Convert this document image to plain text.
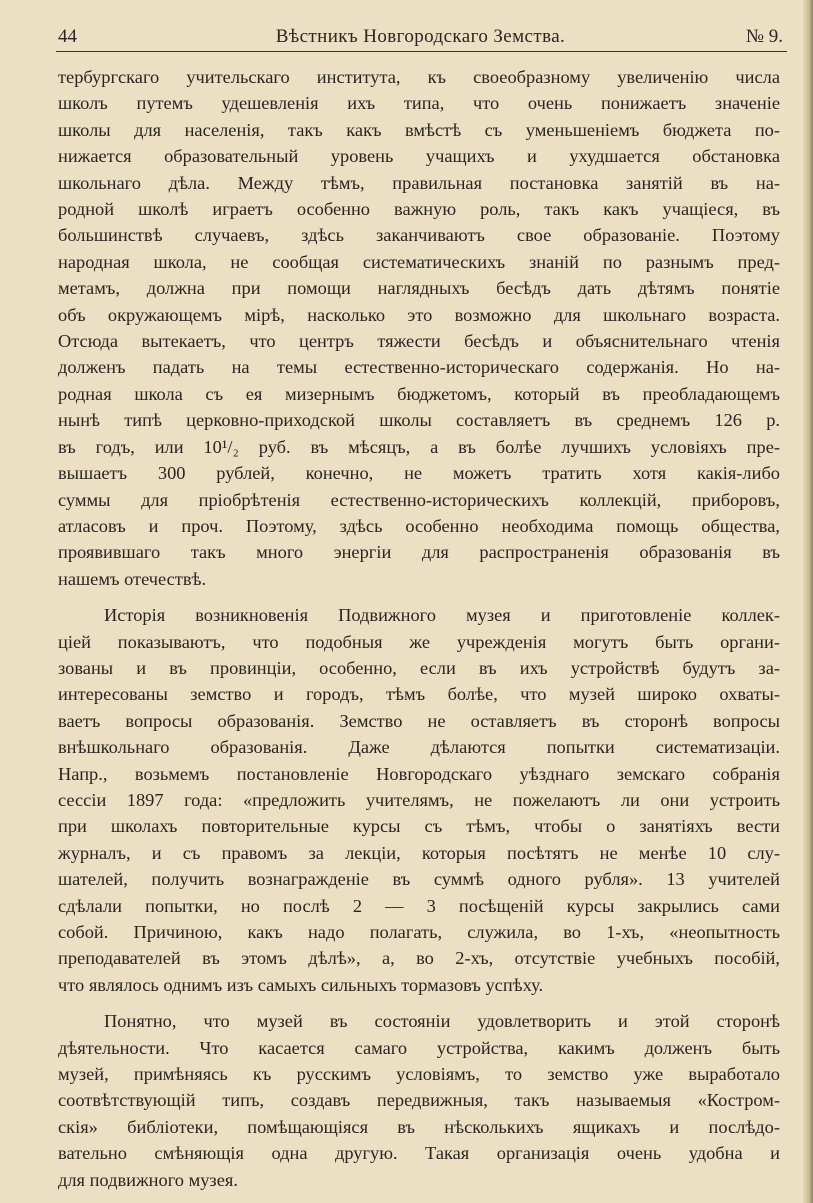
44	Вѣстникъ Новгородскаго Земства.	№ 9.
тербургскаго учительскаго института, къ своеобразному увеличенію числа
школъ путемъ удешевленія ихъ типа, что очень понижаетъ значеніе
школы для населенія, такъ какъ вмѣстѣ съ уменьшеніемъ бюджета по-
нижается образовательный уровень учащихъ и ухудшается обстановка
школьнаго дѣла. Между тѣмъ, правильная постановка занятій въ на-
родной школѣ играетъ особенно важную роль, такъ какъ учащіеся, въ
большинствѣ случаевъ, здѣсь заканчиваютъ свое образованіе. Поэтому
народная школа, не сообщая систематическихъ знаній по разнымъ пред-
метамъ, должна при помощи наглядныхъ бесѣдъ дать дѣтямъ понятіе
объ окружающемъ мірѣ, насколько это возможно для школьнаго возраста.
Отсюда вытекаетъ, что центръ тяжести бесѣдъ и объяснительнаго чтенія
долженъ падать на темы естественно-историческаго содержанія. Но на-
родная школа съ ея мизернымъ бюджетомъ, который въ преобладающемъ
нынѣ типѣ церковно-приходской школы составляетъ въ среднемъ 126 р.
въ годъ, или 10¹/₂ руб. въ мѣсяцъ, а въ болѣе лучшихъ условіяхъ пре-
вышаетъ 300 рублей, конечно, не можетъ тратить хотя какія-либо
суммы для пріобрѣтенія естественно-историческихъ коллекцій, приборовъ,
атласовъ и проч. Поэтому, здѣсь особенно необходима помощь общества,
проявившаго такъ много энергіи для распространенія образованія въ
нашемъ отечествѣ.
Исторія возникновенія Подвижного музея и приготовленіе коллек-
ціей показываютъ, что подобныя же учрежденія могутъ быть органи-
зованы и въ провинціи, особенно, если въ ихъ устройствѣ будутъ за-
интересованы земство и городъ, тѣмъ болѣе, что музей широко охваты-
ваетъ вопросы образованія. Земство не оставляетъ въ сторонѣ вопросы
внѣшкольнаго образованія. Даже дѣлаются попытки систематизаціи.
Напр., возьмемъ постановленіе Новгородскаго уѣзднаго земскаго собранія
сессіи 1897 года: «предложить учителямъ, не пожелаютъ ли они устроить
при школахъ повторительные курсы съ тѣмъ, чтобы о занятіяхъ вести
журналъ, и съ правомъ за лекціи, которыя посѣтятъ не менѣе 10 слу-
шателей, получить вознагражденіе въ суммѣ одного рубля». 13 учителей
сдѣлали попытки, но послѣ 2 — 3 посѣщеній курсы закрылись сами
собой. Причиною, какъ надо полагать, служила, во 1-хъ, «неопытность
преподавателей въ этомъ дѣлѣ», а, во 2-хъ, отсутствіе учебныхъ пособій,
что являлось однимъ изъ самыхъ сильныхъ тормазовъ успѣху.
Понятно, что музей въ состояніи удовлетворить и этой сторонѣ
дѣятельности. Что касается самаго устройства, какимъ долженъ быть
музей, примѣняясь къ русскимъ условіямъ, то земство уже выработало
соотвѣтствующій типъ, создавъ передвижныя, такъ называемыя «Костром-
скія» библіотеки, помѣщающіяся въ нѣсколькихъ ящикахъ и послѣдо-
вательно смѣняющія одна другую. Такая организація очень удобна и
для подвижного музея.
